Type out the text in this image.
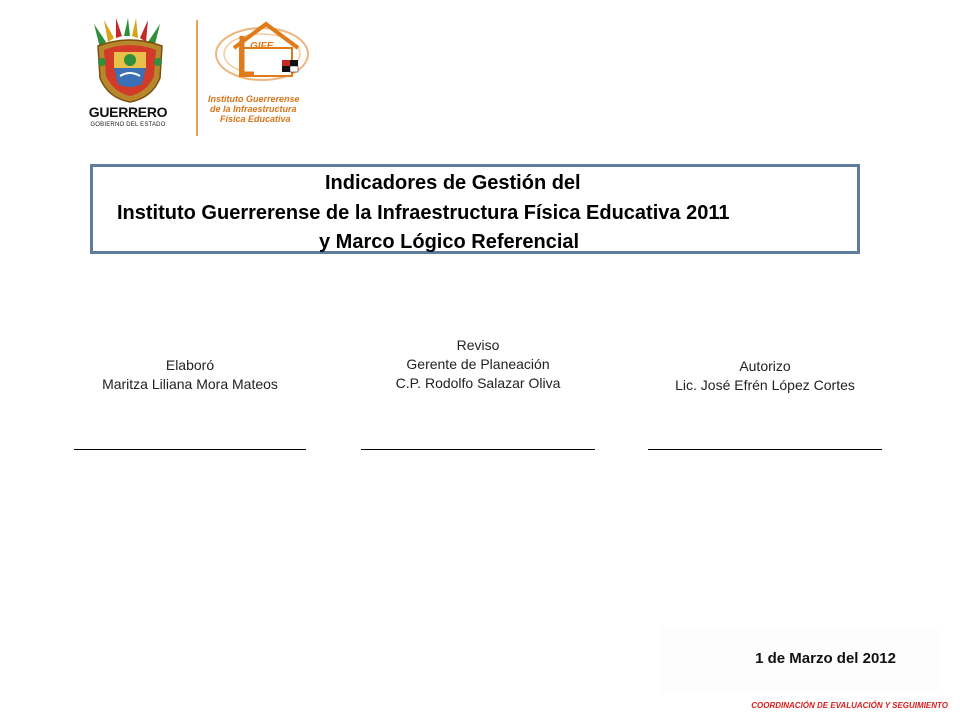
GUERRERO
GOBIERNO DEL ESTADO
GIFE
Instituto Guerrerense
de la Infraestructura
Física Educativa
Indicadores de Gestión del
Instituto Guerrerense de la Infraestructura Física Educativa 2011
y Marco Lógico Referencial
Elaboró
Maritza Liliana Mora Mateos
Reviso
Gerente de Planeación
C.P. Rodolfo Salazar Oliva
Autorizo
Lic. José Efrén López Cortes
1 de Marzo del 2012
COORDINACIÓN DE EVALUACIÓN Y SEGUIMIENTO
